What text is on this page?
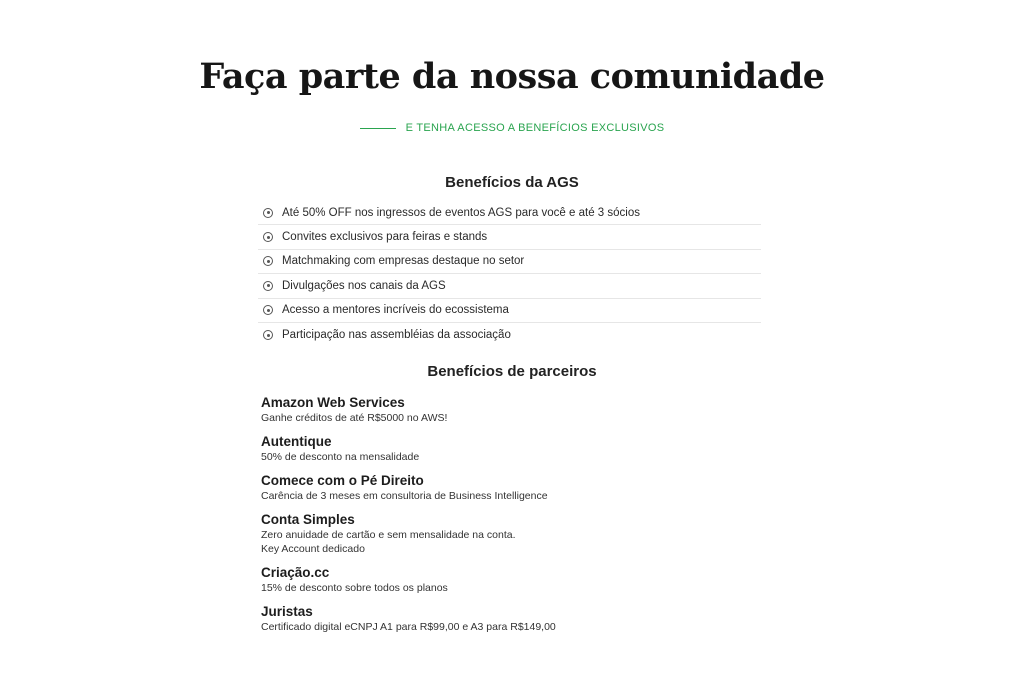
Faça parte da nossa comunidade
E TENHA ACESSO A BENEFÍCIOS EXCLUSIVOS
Benefícios da AGS
Até 50% OFF nos ingressos de eventos AGS para você e até 3 sócios
Convites exclusivos para feiras e stands
Matchmaking com empresas destaque no setor
Divulgações nos canais da AGS
Acesso a mentores incríveis do ecossistema
Participação nas assembléias da associação
Benefícios de parceiros
Amazon Web Services
Ganhe créditos de até R$5000 no AWS!
Autentique
50% de desconto na mensalidade
Comece com o Pé Direito
Carência de 3 meses em consultoria de Business Intelligence
Conta Simples
Zero anuidade de cartão e sem mensalidade na conta.
Key Account dedicado
Criação.cc
15% de desconto sobre todos os planos
Juristas
Certificado digital eCNPJ A1 para R$99,00 e A3 para R$149,00
